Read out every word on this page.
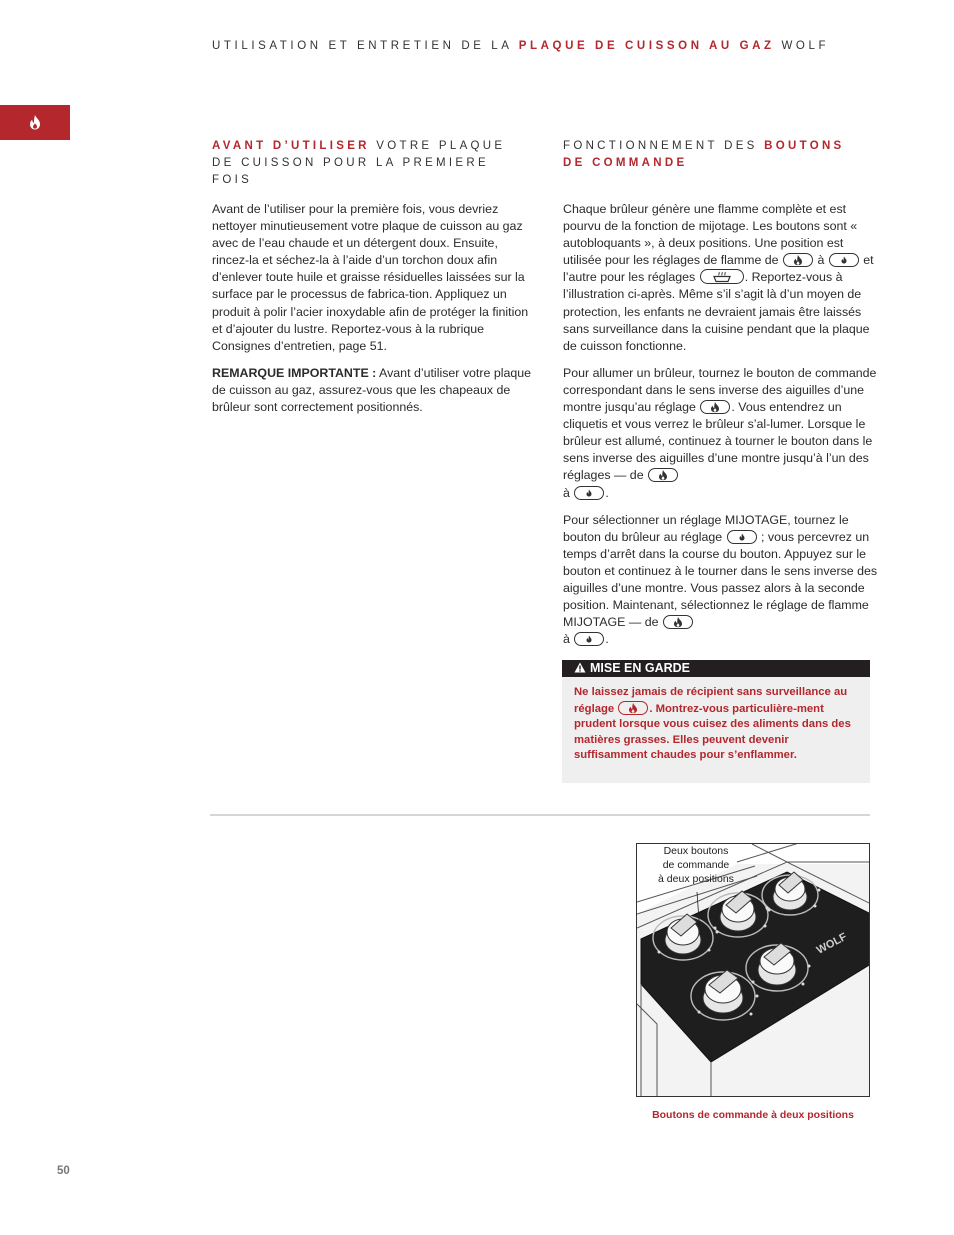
UTILISATION ET ENTRETIEN DE LA PLAQUE DE CUISSON AU GAZ WOLF
AVANT D’UTILISER VOTRE PLAQUE
DE CUISSON POUR LA PREMIERE FOIS
FONCTIONNEMENT DES BOUTONS
DE COMMANDE

Avant de l’utiliser pour la première fois, vous devriez nettoyer minutieusement votre plaque de cuisson au gaz avec de l’eau chaude et un détergent doux. Ensuite, rincez-la et séchez-la à l’aide d’un torchon doux afin d’enlever toute huile et graisse résiduelles laissées sur la surface par le processus de fabrica-tion. Appliquez un produit à polir l’acier inoxydable afin de protéger la finition et d’ajouter du lustre. Reportez-vous à la rubrique Consignes d’entretien, page 51.

REMARQUE IMPORTANTE : Avant d’utiliser votre plaque de cuisson au gaz, assurez-vous que les chapeaux de brûleur sont correctement positionnés.

Chaque brûleur génère une flamme complète et est pourvu de la fonction de mijotage. Les boutons sont « autobloquants », à deux positions. Une position est utilisée pour les réglages de flamme de	à	et l’autre pour les réglages	. Reportez-vous à l’illustration ci-après. Même s’il s’agit là d’un moyen de protection, les enfants ne devraient jamais être laissés sans surveillance dans la cuisine pendant que la plaque de cuisson fonctionne.

Pour allumer un brûleur, tournez le bouton de commande correspondant dans le sens inverse des aiguilles d’une montre jusqu’au réglage	. Vous entendrez un cliquetis et vous verrez le brûleur s’al-lumer. Lorsque le brûleur est allumé, continuez à tourner le bouton dans le sens inverse des aiguilles d’une montre jusqu’à l’un des réglages — de

à	.

Pour sélectionner un réglage MIJOTAGE, tournez le bouton du brûleur au réglage	; vous percevrez un temps d’arrêt dans la course du bouton. Appuyez sur le bouton et continuez à le tourner dans le sens inverse des aiguilles d’une montre. Vous passez alors à la seconde position. Maintenant, sélectionnez le réglage de flamme MIJOTAGE — de

à	.

MISE EN GARDE
Ne laissez jamais de récipient sans surveillance au réglage	. Montrez-vous particulière-ment prudent lorsque vous cuisez des aliments dans des matières grasses. Elles peuvent devenir suffisamment chaudes pour s’enflammer.
WOLF
Deux boutons
de commande
à deux positions
Boutons de commande à deux positions
50
